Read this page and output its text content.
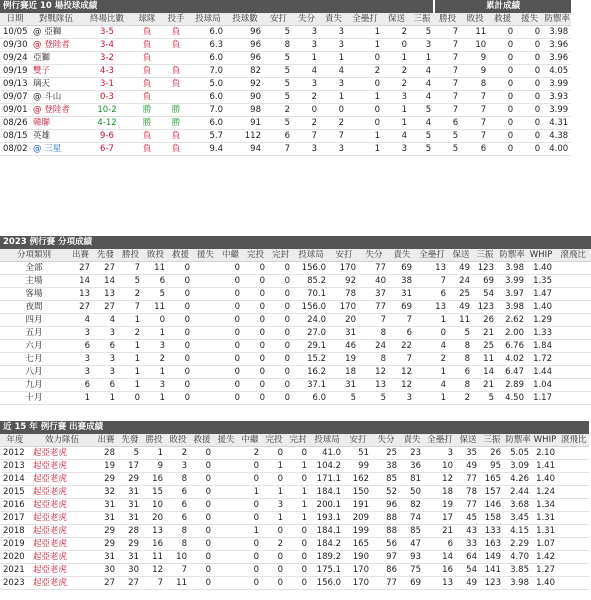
例行賽近 10 場投球成績													累計成績				
日期	對戰隊伍	終場比數	球隊	投手	投球局	投球數	安打	失分	責失	全壘打	保送	三振	勝投	敗投	救援	援失	防禦率
10/05	@ 亞獅	3-5	負	負	6.0	96	5	3	3	1	2	5	7	11	0	0	3.98
09/30	@ 登陸者	3-4	負	負	6.3	96	8	3	3	1	0	3	7	10	0	0	3.96
09/24	亞獅	3-2	負		6.0	96	5	1	1	0	1	1	7	9	0	0	3.96
09/19	雙子	4-3	負	負	7.0	82	5	4	4	2	2	4	7	9	0	0	4.05
09/13	璃天	3-1	負	負	5.0	92	5	3	3	0	2	4	7	8	0	0	3.99
09/07	@ 斗山	0-3	負		6.0	90	5	2	1	1	3	4	7	7	0	0	3.93
09/01	@ 登陸者	10-2	勝	勝	7.0	98	2	0	0	0	1	5	7	7	0	0	3.99
08/26	韓聯	4-12	勝	勝	6.0	91	5	2	2	0	1	4	6	7	0	0	4.31
08/15	英雄	9-6	負	負	5.7	112	6	7	7	1	4	5	5	7	0	0	4.38
08/02	@ 三星	6-7	負	負	9.4	94	7	3	3	1	3	5	5	6	0	0	4.00
2023 例行賽 分項成績																			
分項類別	出賽	先發	勝投	敗投	救援	援失	中繼	完投	完封	投球局	安打	失分	責失	全壘打	保送	三振	防禦率	WHIP	滾飛比
全部	27	27	7	11	0		0	0	0	156.0	170	77	69	13	49	123	3.98	1.40	
主場	14	14	5	6	0		0	0	0	85.2	92	40	38	7	24	69	3.99	1.35	
客場	13	13	2	5	0		0	0	0	70.1	78	37	31	6	25	54	3.97	1.47	
夜間	27	27	7	11	0		0	0	0	156.0	170	77	69	13	49	123	3.98	1.40	
四月	4	4	1	0	0		0	0	0	24.0	20	7	7	1	11	26	2.62	1.29	
五月	3	3	2	1	0		0	0	0	27.0	31	8	6	0	5	21	2.00	1.33	
六月	6	6	1	3	0		0	0	0	29.1	46	24	22	4	8	25	6.76	1.84	
七月	3	3	1	2	0		0	0	0	15.2	19	8	7	2	8	11	4.02	1.72	
八月	3	3	1	1	0		0	0	0	16.2	18	12	12	1	6	14	6.47	1.44	
九月	6	6	1	3	0		0	0	0	37.1	31	13	12	4	8	21	2.89	1.04	
十月	1	1	0	1	0		0	0	0	6.0	5	5	3	1	2	5	4.50	1.17	
近 15 年 例行賽 出賽成績																				
年度	效力隊伍	出賽	先發	勝投	敗投	救援	援失	中繼	完投	完封	投球局	安打	失分	責失	全壘打	保送	三振	防禦率	WHIP	滾飛比
2012	起亞老虎	28	5	1	2	0		2	0	0	41.0	51	25	23	3	35	26	5.05	2.10	
2013	起亞老虎	19	17	9	3	0		0	1	1	104.2	99	38	36	10	49	95	3.09	1.41	
2014	起亞老虎	29	29	16	8	0		0	0	0	171.1	162	85	81	12	77	165	4.26	1.40	
2015	起亞老虎	32	31	15	6	0		1	1	1	184.1	150	52	50	18	78	157	2.44	1.24	
2016	起亞老虎	31	31	10	6	0		0	3	1	200.1	191	96	82	19	77	146	3.68	1.34	
2017	起亞老虎	31	31	20	6	0		0	1	1	193.1	209	88	74	17	45	158	3.45	1.31	
2018	起亞老虎	29	28	13	8	0		1	0	0	184.1	199	88	85	21	43	133	4.15	1.31	
2019	起亞老虎	29	29	16	8	0		0	2	0	184.2	165	56	47	6	33	163	2.29	1.07	
2020	起亞老虎	31	31	11	10	0		0	0	0	189.2	190	97	93	14	64	149	4.70	1.42	
2021	起亞老虎	30	30	12	7	0		0	0	0	175.1	170	86	75	16	54	141	3.85	1.27	
2023	起亞老虎	27	27	7	11	0		0	0	0	156.0	170	77	69	13	49	123	3.98	1.40	
